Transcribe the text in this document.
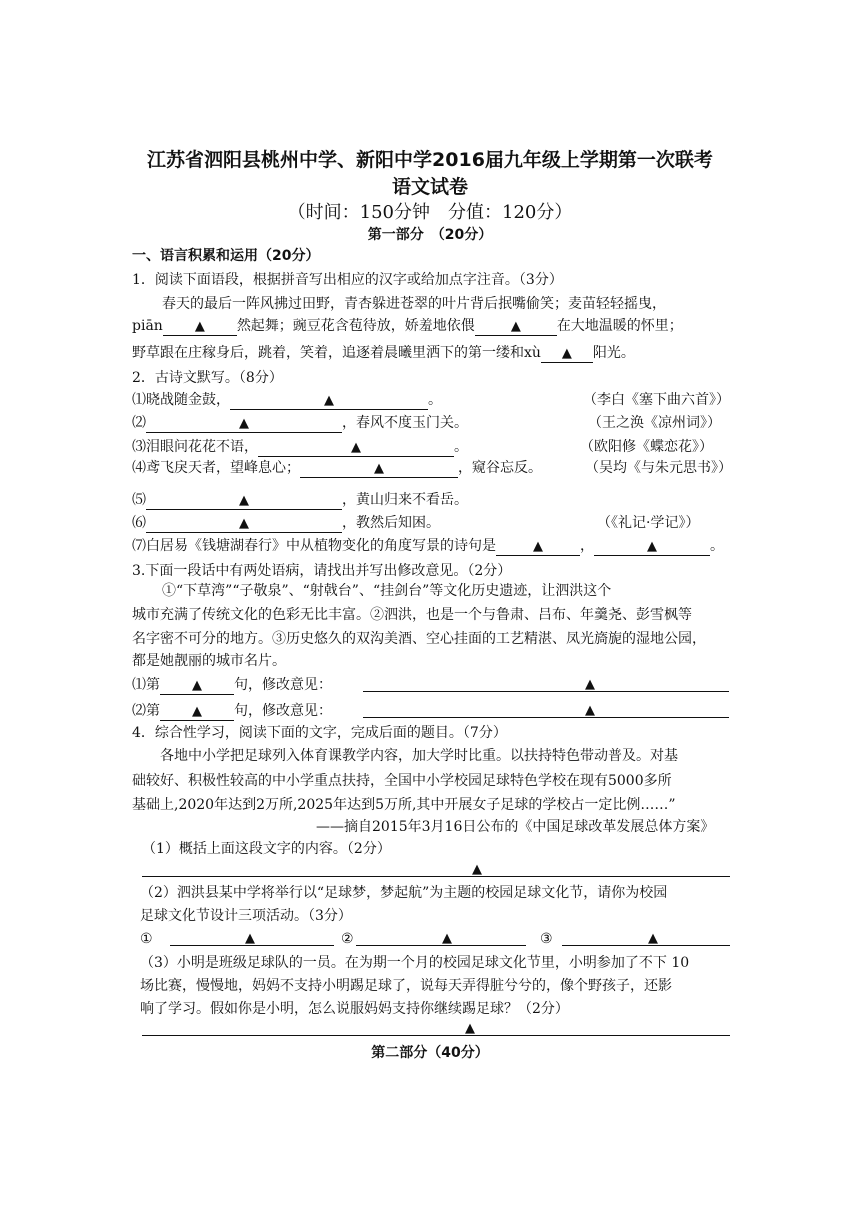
江苏省泗阳县桃州中学、新阳中学2016届九年级上学期第一次联考
语文试卷
（时间：150分钟　分值：120分）
第一部分　（20分）
一、语言积累和运用（20分）
1．阅读下面语段，根据拼音写出相应的汉字或给加点字注音。（3分）
春天的最后一阵风拂过田野，青杏躲进苍翠的叶片背后抿嘴偷笑；麦苗轻轻摇曳，
piān ▲ 然起舞；豌豆花含苞待放，娇羞地依偎	▲	在大地温暖的怀里；
野草跟在庄稼身后，跳着，笑着，追逐着晨曦里洒下的第一缕和xù ▲ 阳光。
2．古诗文默写。（8分）
⑴晓战随金鼓，	▲	。	（李白《塞下曲六首》）
⑵	▲	，春风不度玉门关。	（王之涣《凉州词》）
⑶泪眼问花花不语，	▲	。	（欧阳修《蝶恋花》）
⑷鸢飞戾天者，望峰息心；	▲	，窥谷忘反。	（吴均《与朱元思书》）
⑸	▲	，黄山归来不看岳。
⑹	▲	，教然后知困。	（《礼记·学记》）
⑺白居易《钱塘湖春行》中从植物变化的角度写景的诗句是	▲	，	▲	。
3.下面一段话中有两处语病，请找出并写出修改意见。（2分）
①“下草湾”“子敬泉”、“射戟台”、“挂剑台”等文化历史遗迹，让泗洪这个
城市充满了传统文化的色彩无比丰富。②泗洪，也是一个与鲁肃、吕布、年羹尧、彭雪枫等
名字密不可分的地方。③历史悠久的双沟美酒、空心挂面的工艺精湛、凤光旖旎的湿地公园，
都是她靓丽的城市名片。
⑴第 ▲ 句，修改意见：	▲
⑵第 ▲ 句，修改意见：	▲
4．综合性学习，阅读下面的文字，完成后面的题目。（7分）
各地中小学把足球列入体育课教学内容，加大学时比重。以扶持特色带动普及。对基
础较好、积极性较高的中小学重点扶持，全国中小学校园足球特色学校在现有5000多所
基础上,2020年达到2万所,2025年达到5万所,其中开展女子足球的学校占一定比例……”
——摘自2015年3月16日公布的《中国足球改革发展总体方案》
（1）概括上面这段文字的内容。（2分）
▲
（2）泗洪县某中学将举行以“足球梦，梦起航”为主题的校园足球文化节，请你为校园
足球文化节设计三项活动。（3分）
①	▲	②	▲	③	▲
（3）小明是班级足球队的一员。在为期一个月的校园足球文化节里，小明参加了不下 10
场比赛，慢慢地，妈妈不支持小明踢足球了，说每天弄得脏兮兮的，像个野孩子，还影
响了学习。假如你是小明，怎么说服妈妈支持你继续踢足球？（2分）
▲
第二部分（40分）
